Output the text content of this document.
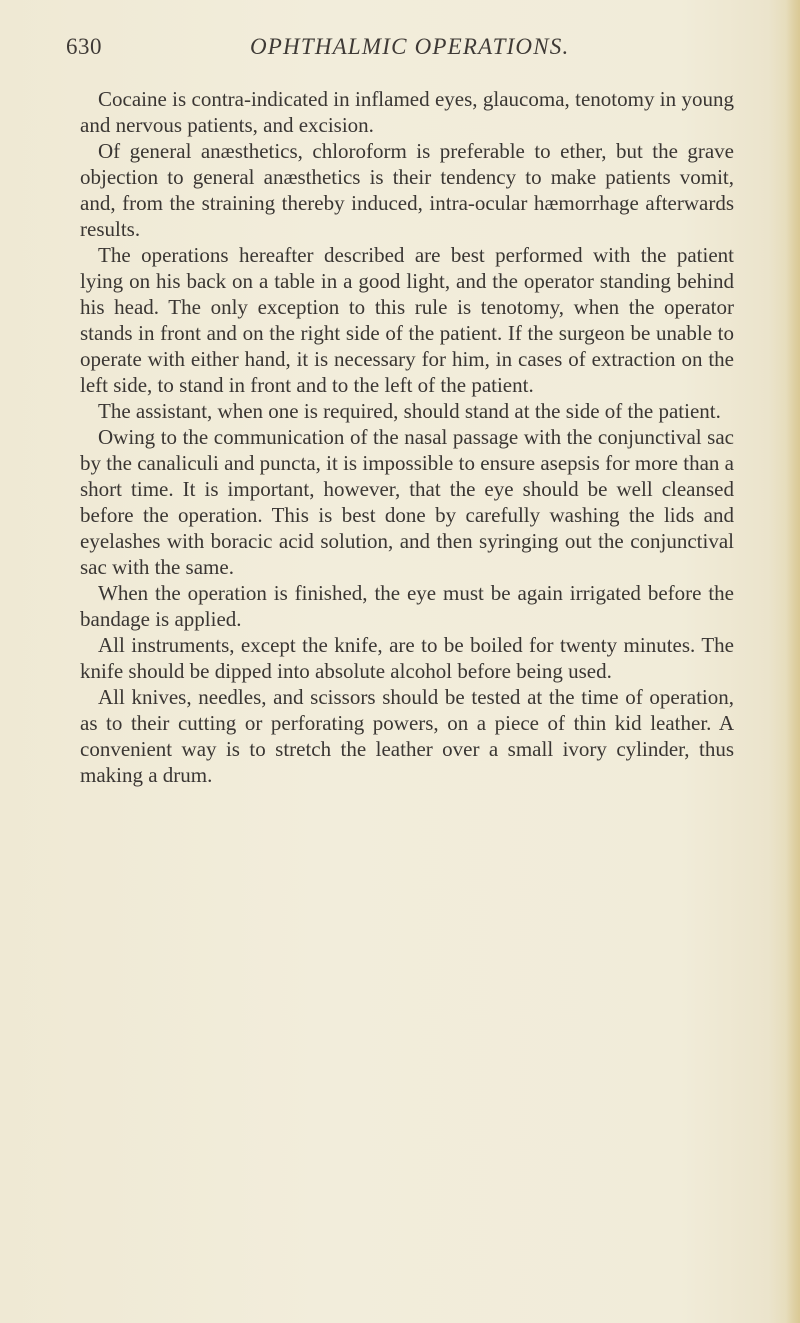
630	OPHTHALMIC OPERATIONS.

Cocaine is contra-indicated in inflamed eyes, glaucoma, tenotomy in young and nervous patients, and excision.

Of general anæsthetics, chloroform is preferable to ether, but the grave objection to general anæsthetics is their tendency to make patients vomit, and, from the straining thereby induced, intra-ocular hæmorrhage afterwards results.

The operations hereafter described are best performed with the patient lying on his back on a table in a good light, and the operator standing behind his head. The only exception to this rule is tenotomy, when the operator stands in front and on the right side of the patient. If the surgeon be unable to operate with either hand, it is necessary for him, in cases of extraction on the left side, to stand in front and to the left of the patient.

The assistant, when one is required, should stand at the side of the patient.

Owing to the communication of the nasal passage with the conjunctival sac by the canaliculi and puncta, it is impossible to ensure asepsis for more than a short time. It is important, however, that the eye should be well cleansed before the operation. This is best done by carefully washing the lids and eyelashes with boracic acid solution, and then syringing out the conjunctival sac with the same.

When the operation is finished, the eye must be again irrigated before the bandage is applied.

All instruments, except the knife, are to be boiled for twenty minutes. The knife should be dipped into absolute alcohol before being used.

All knives, needles, and scissors should be tested at the time of operation, as to their cutting or perforating powers, on a piece of thin kid leather. A convenient way is to stretch the leather over a small ivory cylinder, thus making a drum.
